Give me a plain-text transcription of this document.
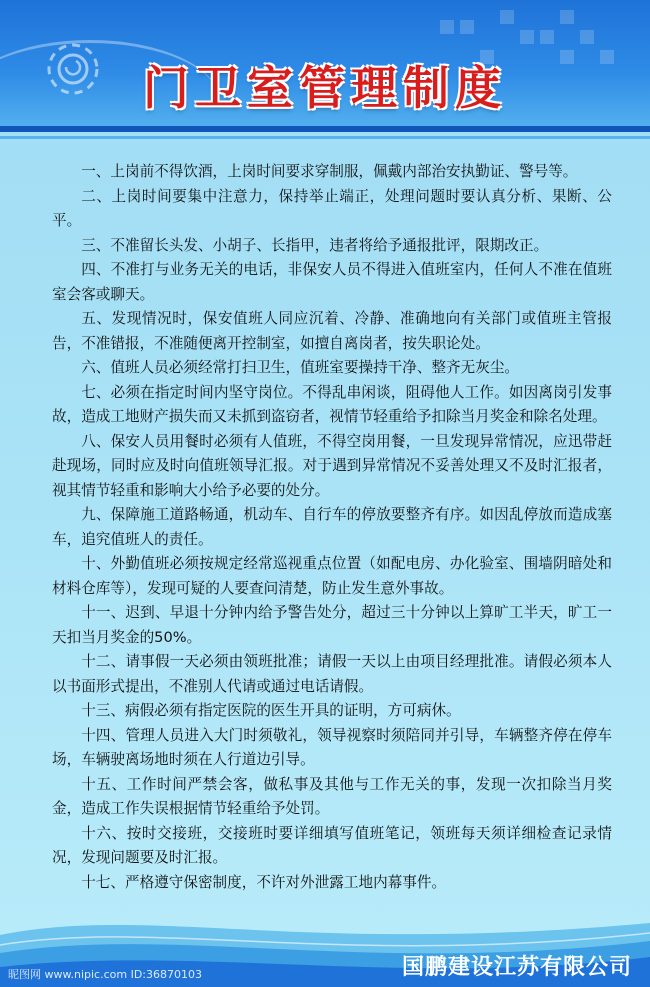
门卫室管理制度

一、上岗前不得饮酒，上岗时间要求穿制服，佩戴内部治安执勤证、警号等。

二、上岗时间要集中注意力，保持举止端正，处理问题时要认真分析、果断、公平。

三、不准留长头发、小胡子、长指甲，违者将给予通报批评，限期改正。

四、不准打与业务无关的电话，非保安人员不得进入值班室内，任何人不准在值班室会客或聊天。

五、发现情况时，保安值班人同应沉着、冷静、准确地向有关部门或值班主管报告，不准错报，不准随便离开控制室，如擅自离岗者，按失职论处。

六、值班人员必须经常打扫卫生，值班室要操持干净、整齐无灰尘。

七、必须在指定时间内坚守岗位。不得乱串闲谈，阻碍他人工作。如因离岗引发事故，造成工地财产损失而又未抓到盗窃者，视情节轻重给予扣除当月奖金和除名处理。

八、保安人员用餐时必须有人值班，不得空岗用餐，一旦发现异常情况，应迅带赶赴现场，同时应及时向值班领导汇报。对于遇到异常情况不妥善处理又不及时汇报者，视其情节轻重和影响大小给予必要的处分。

九、保障施工道路畅通，机动车、自行车的停放要整齐有序。如因乱停放而造成塞车，追究值班人的责任。

十、外勤值班必须按规定经常巡视重点位置（如配电房、办化验室、围墙阴暗处和材料仓库等），发现可疑的人要查问清楚，防止发生意外事故。

十一、迟到、早退十分钟内给予警告处分，超过三十分钟以上算旷工半天，旷工一天扣当月奖金的50%。

十二、请事假一天必须由领班批准；请假一天以上由项目经理批准。请假必须本人以书面形式提出，不准别人代请或通过电话请假。

十三、病假必须有指定医院的医生开具的证明，方可病休。

十四、管理人员进入大门时须敬礼，领导视察时须陪同并引导，车辆整齐停在停车场，车辆驶离场地时须在人行道边引导。

十五、工作时间严禁会客，做私事及其他与工作无关的事，发现一次扣除当月奖金，造成工作失误根据情节轻重给予处罚。

十六、按时交接班，交接班时要详细填写值班笔记，领班每天须详细检查记录情况，发现问题要及时汇报。

十七、严格遵守保密制度，不许对外泄露工地内幕事件。

昵图网 www.nipic.com ID:36870103	国鹏建设江苏有限公司
